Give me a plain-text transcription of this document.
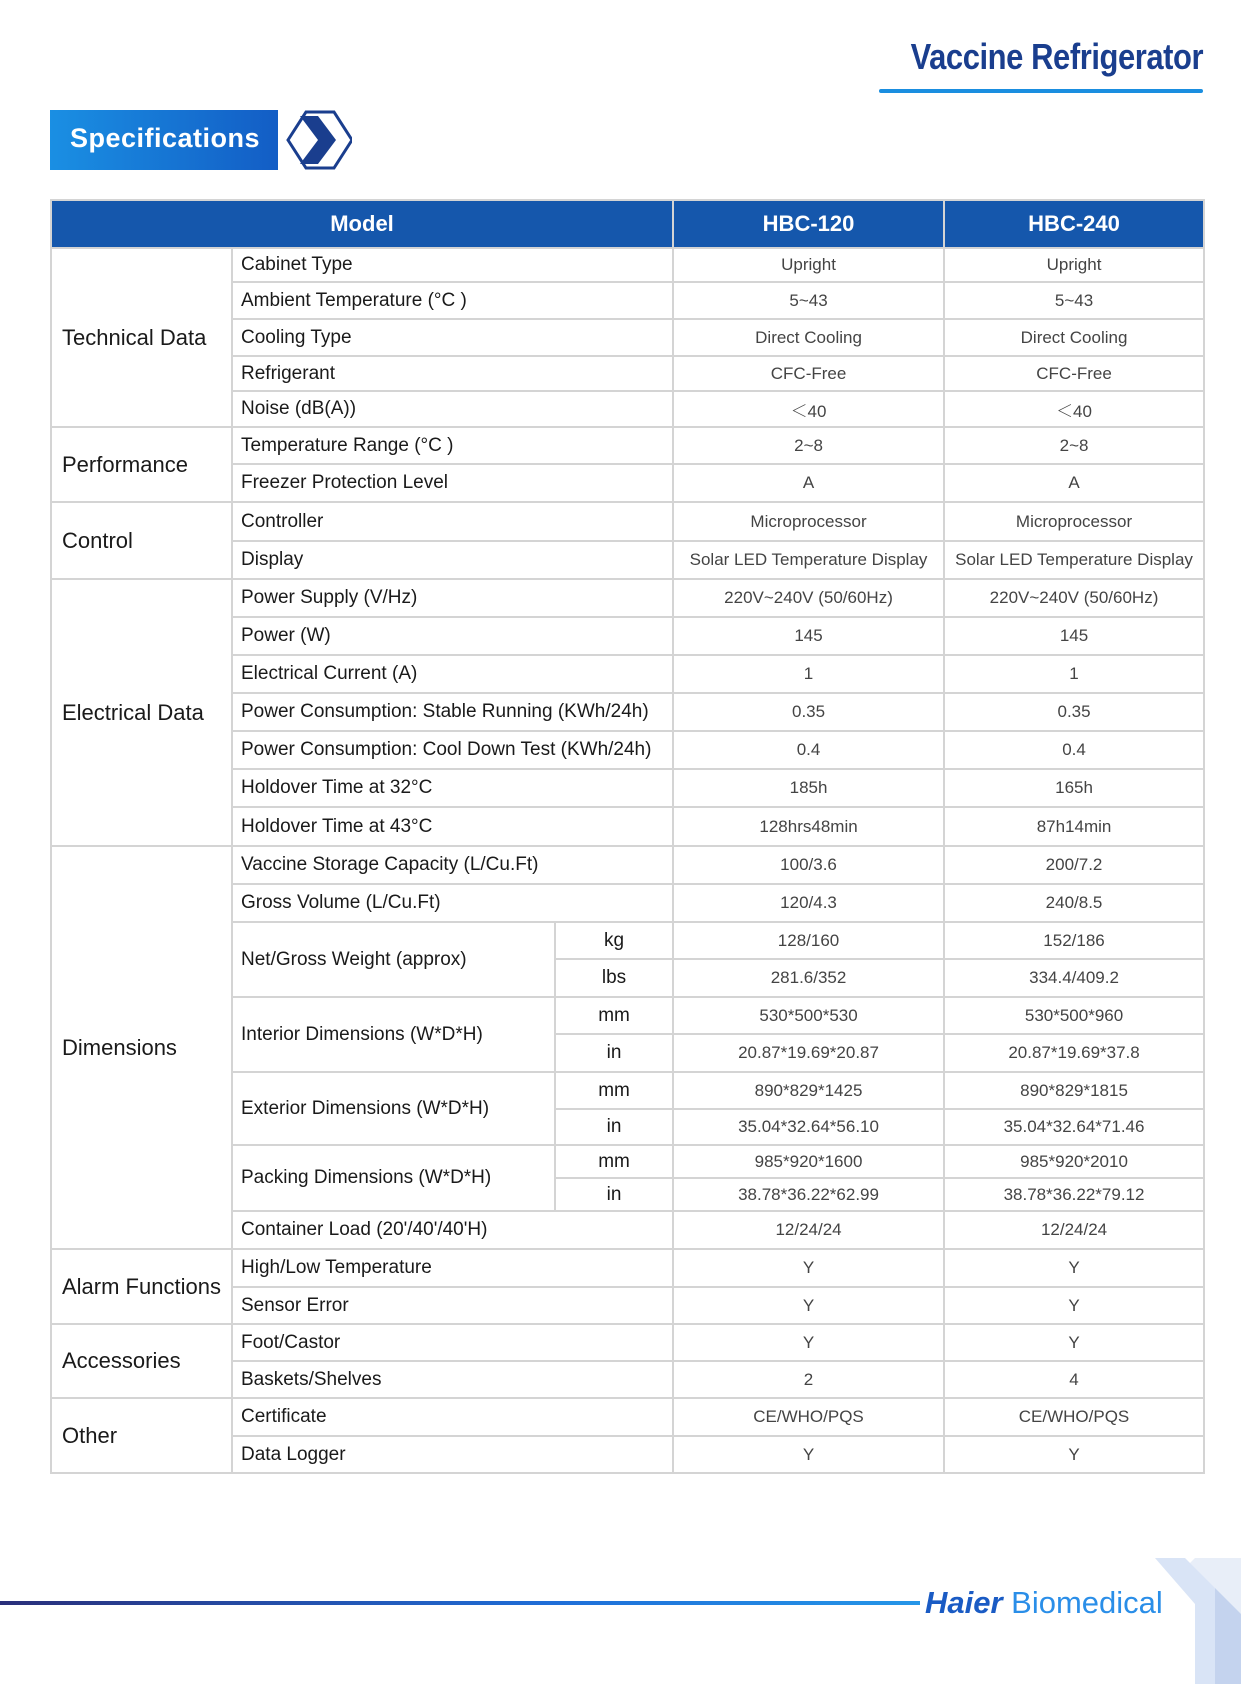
Vaccine Refrigerator
Specifications
Model			HBC-120	HBC-240
Technical Data	Cabinet Type		Upright	Upright
	Ambient Temperature (°C )		5~43	5~43
	Cooling Type		Direct Cooling	Direct Cooling
	Refrigerant		CFC-Free	CFC-Free
	Noise (dB(A))		＜40	＜40
Performance	Temperature Range (°C )		2~8	2~8
	Freezer Protection Level		A	A
Control	Controller		Microprocessor	Microprocessor
	Display		Solar LED Temperature Display	Solar LED Temperature Display
Electrical Data	Power Supply (V/Hz)		220V~240V (50/60Hz)	220V~240V (50/60Hz)
	Power (W)		145	145
	Electrical Current (A)		1	1
	Power Consumption: Stable Running (KWh/24h)		0.35	0.35
	Power Consumption: Cool Down Test (KWh/24h)		0.4	0.4
	Holdover Time at 32°C		185h	165h
	Holdover Time at 43°C		128hrs48min	87h14min
Dimensions	Vaccine Storage Capacity (L/Cu.Ft)		100/3.6	200/7.2
	Gross Volume (L/Cu.Ft)		120/4.3	240/8.5
	Net/Gross Weight (approx)	kg	128/160	152/186
		lbs	281.6/352	334.4/409.2
	Interior Dimensions (W*D*H)	mm	530*500*530	530*500*960
		in	20.87*19.69*20.87	20.87*19.69*37.8
	Exterior Dimensions (W*D*H)	mm	890*829*1425	890*829*1815
		in	35.04*32.64*56.10	35.04*32.64*71.46
	Packing Dimensions (W*D*H)	mm	985*920*1600	985*920*2010
		in	38.78*36.22*62.99	38.78*36.22*79.12
	Container Load (20'/40'/40'H)		12/24/24	12/24/24
Alarm Functions	High/Low Temperature		Y	Y
	Sensor Error		Y	Y
Accessories	Foot/Castor		Y	Y
	Baskets/Shelves		2	4
Other	Certificate		CE/WHO/PQS	CE/WHO/PQS
	Data Logger		Y	Y
Haier Biomedical
